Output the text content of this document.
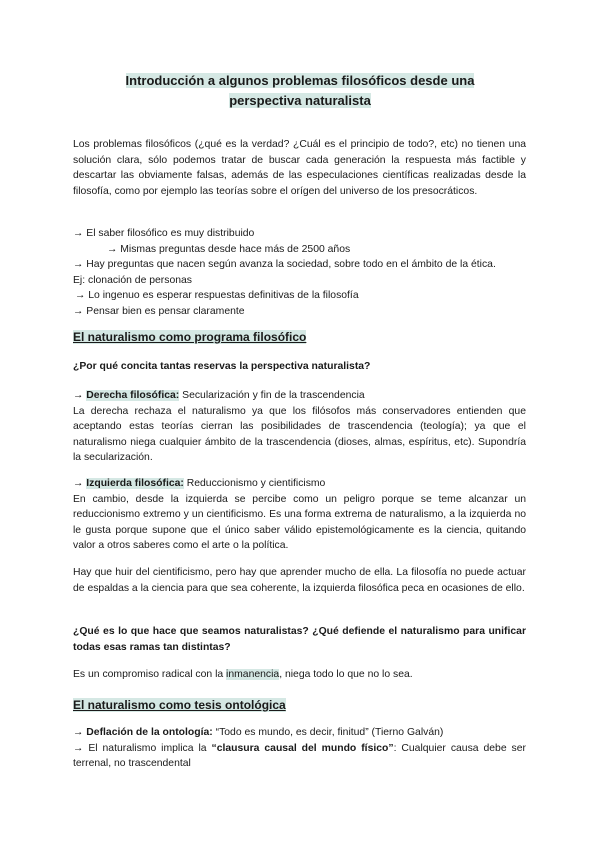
Introducción a algunos problemas filosóficos desde una
perspectiva naturalista
Los problemas filosóficos (¿qué es la verdad? ¿Cuál es el principio de todo?, etc) no tienen una solución clara, sólo podemos tratar de buscar cada generación la respuesta más factible y descartar las obviamente falsas, además de las especulaciones científicas realizadas desde la filosofía, como por ejemplo las teorías sobre el orígen del universo de los presocráticos.
→ El saber filosófico es muy distribuido
→ Mismas preguntas desde hace más de 2500 años
→ Hay preguntas que nacen según avanza la sociedad, sobre todo en el ámbito de la ética.
Ej: clonación de personas
→ Lo ingenuo es esperar respuestas definitivas de la filosofía
→ Pensar bien es pensar claramente
El naturalismo como programa filosófico
¿Por qué concita tantas reservas la perspectiva naturalista?
→ Derecha filosófica: Secularización y fin de la trascendencia
La derecha rechaza el naturalismo ya que los filósofos más conservadores entienden que aceptando estas teorías cierran las posibilidades de trascendencia (teología); ya que el naturalismo niega cualquier ámbito de la trascendencia (dioses, almas, espíritus, etc). Supondría la secularización.
→ Izquierda filosófica: Reduccionismo y cientificismo
En cambio, desde la izquierda se percibe como un peligro porque se teme alcanzar un reduccionismo extremo y un cientificismo. Es una forma extrema de naturalismo, a la izquierda no le gusta porque supone que el único saber válido epistemológicamente es la ciencia, quitando valor a otros saberes como el arte o la política.
Hay que huir del cientificismo, pero hay que aprender mucho de ella. La filosofía no puede actuar de espaldas a la ciencia para que sea coherente, la izquierda filosófica peca en ocasiones de ello.
¿Qué es lo que hace que seamos naturalistas? ¿Qué defiende el naturalismo para unificar todas esas ramas tan distintas?
Es un compromiso radical con la inmanencia, niega todo lo que no lo sea.
El naturalismo como tesis ontológica
→ Deflación de la ontología: “Todo es mundo, es decir, finitud” (Tierno Galván)
→ El naturalismo implica la “clausura causal del mundo físico”: Cualquier causa debe ser terrenal, no trascendental
